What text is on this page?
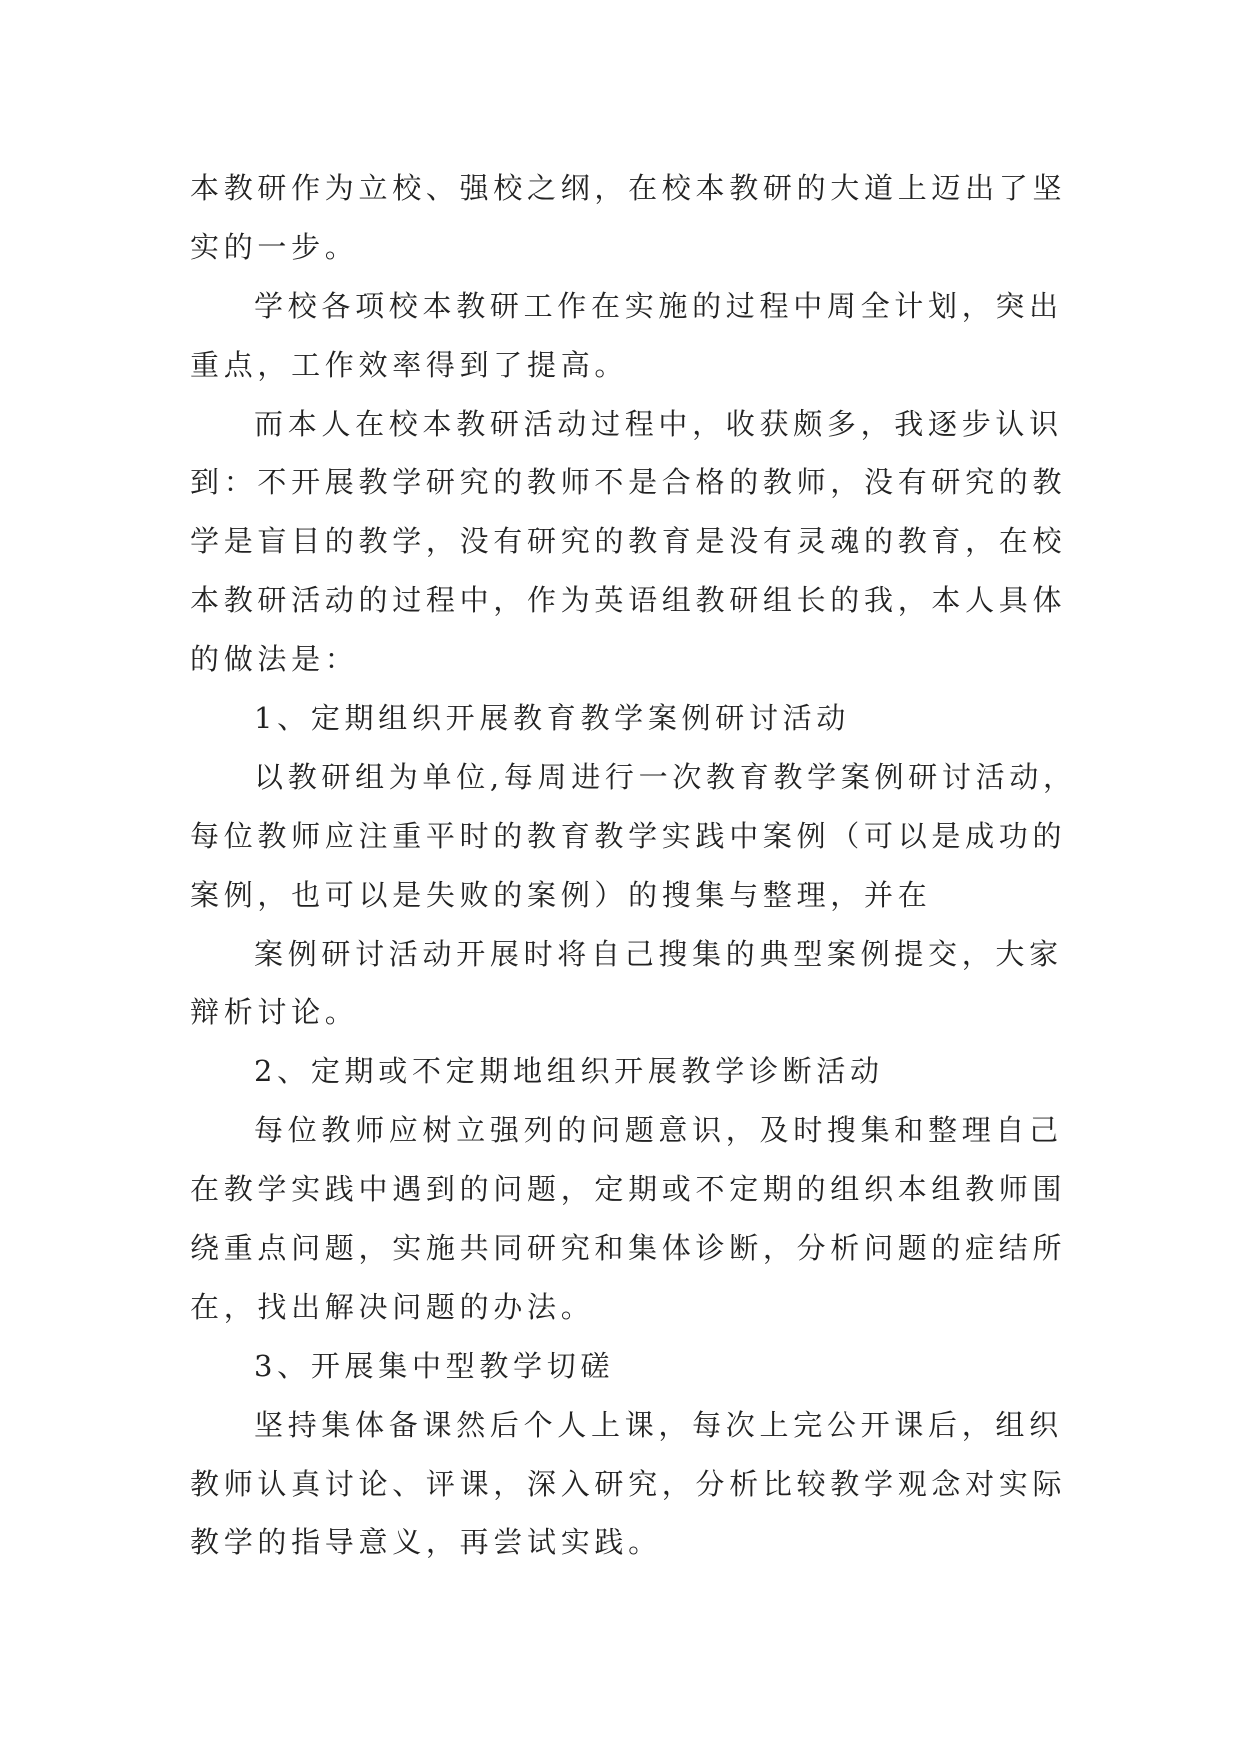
本教研作为立校、强校之纲，在校本教研的大道上迈出了坚
实的一步。
学校各项校本教研工作在实施的过程中周全计划，突出
重点，工作效率得到了提高。
而本人在校本教研活动过程中，收获颇多，我逐步认识
到：不开展教学研究的教师不是合格的教师，没有研究的教
学是盲目的教学，没有研究的教育是没有灵魂的教育，在校
本教研活动的过程中，作为英语组教研组长的我，本人具体
的做法是：
1、定期组织开展教育教学案例研讨活动
以教研组为单位,每周进行一次教育教学案例研讨活动，
每位教师应注重平时的教育教学实践中案例（可以是成功的
案例，也可以是失败的案例）的搜集与整理，并在
案例研讨活动开展时将自己搜集的典型案例提交，大家
辩析讨论。
2、定期或不定期地组织开展教学诊断活动
每位教师应树立强列的问题意识，及时搜集和整理自己
在教学实践中遇到的问题，定期或不定期的组织本组教师围
绕重点问题，实施共同研究和集体诊断，分析问题的症结所
在，找出解决问题的办法。
3、开展集中型教学切磋
坚持集体备课然后个人上课，每次上完公开课后，组织
教师认真讨论、评课，深入研究，分析比较教学观念对实际
教学的指导意义，再尝试实践。
